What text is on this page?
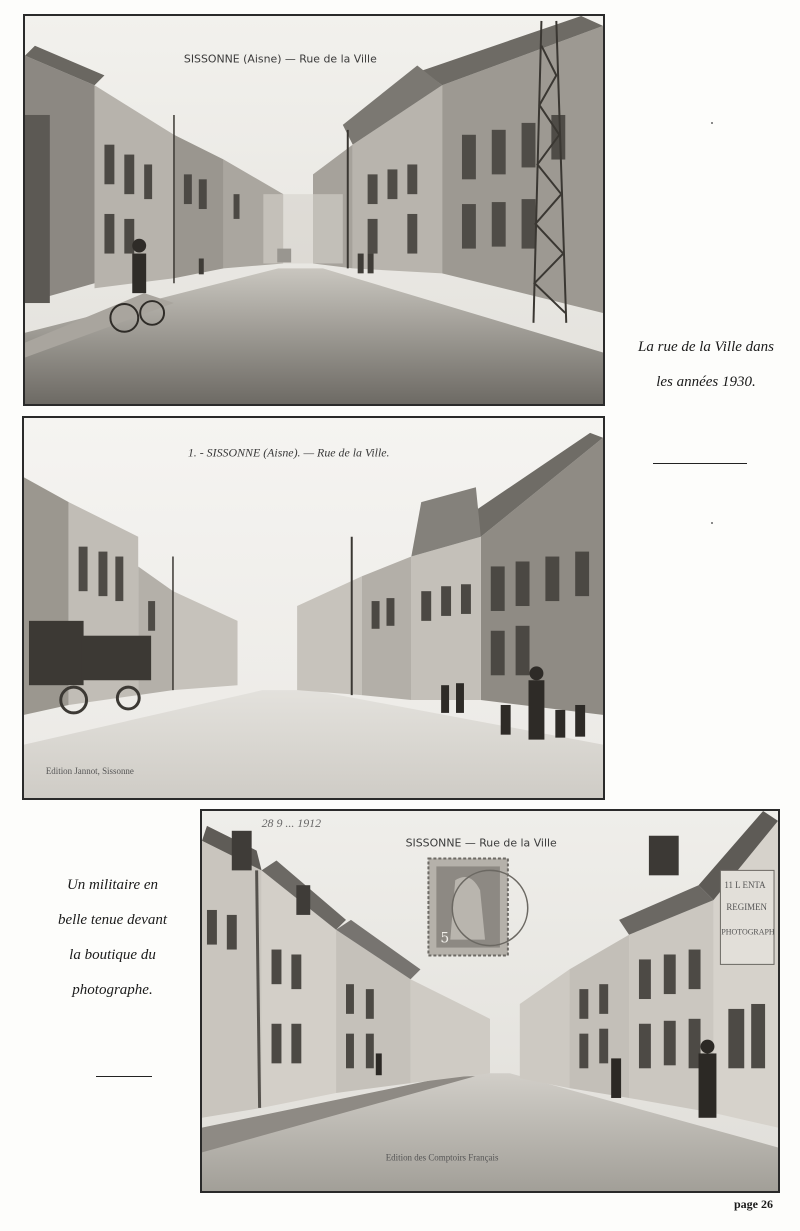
SISSONNE (Aisne) — Rue de la Ville
1. - SISSONNE (Aisne). — Rue de la Ville.
Edition Jannot, Sissonne
11 L ENTA
REGIMEN
PHOTOGRAPH
5
28 9 ... 1912
SISSONNE — Rue de la Ville
Edition des Comptoirs Français
La rue de la Ville dans
les années 1930.
Un militaire en
belle tenue devant
la boutique du
photographe.
page 26
